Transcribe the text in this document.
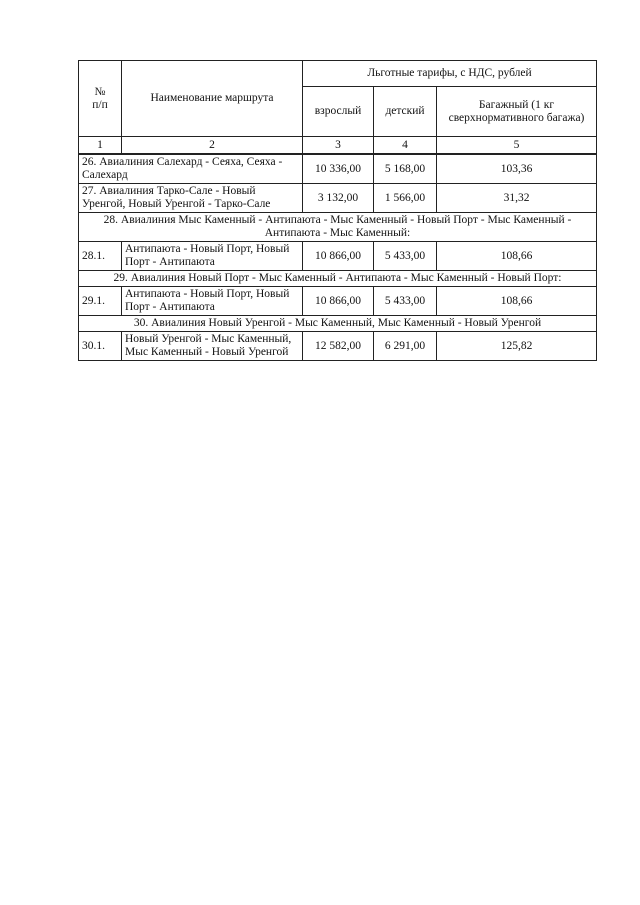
№
п/п	Наименование маршрута	Льготные тарифы, с НДС, рублей		
		взрослый	детский	Багажный (1 кг сверхнормативного багажа)
1	2	3	4	5
26. Авиалиния Салехард - Сеяха, Сеяха - Салехард		10 336,00	5 168,00	103,36
27. Авиалиния Тарко-Сале - Новый Уренгой, Новый Уренгой - Тарко-Сале		3 132,00	1 566,00	31,32
28. Авиалиния Мыс Каменный - Антипаюта - Мыс Каменный - Новый Порт - Мыс Каменный - Антипаюта - Мыс Каменный:				
28.1.	Антипаюта - Новый Порт, Новый Порт - Антипаюта	10 866,00	5 433,00	108,66
29. Авиалиния Новый Порт - Мыс Каменный - Антипаюта - Мыс Каменный - Новый Порт:				
29.1.	Антипаюта - Новый Порт, Новый Порт - Антипаюта	10 866,00	5 433,00	108,66
30. Авиалиния Новый Уренгой - Мыс Каменный, Мыс Каменный - Новый Уренгой				
30.1.	Новый Уренгой - Мыс Каменный, Мыс Каменный - Новый Уренгой	12 582,00	6 291,00	125,82
